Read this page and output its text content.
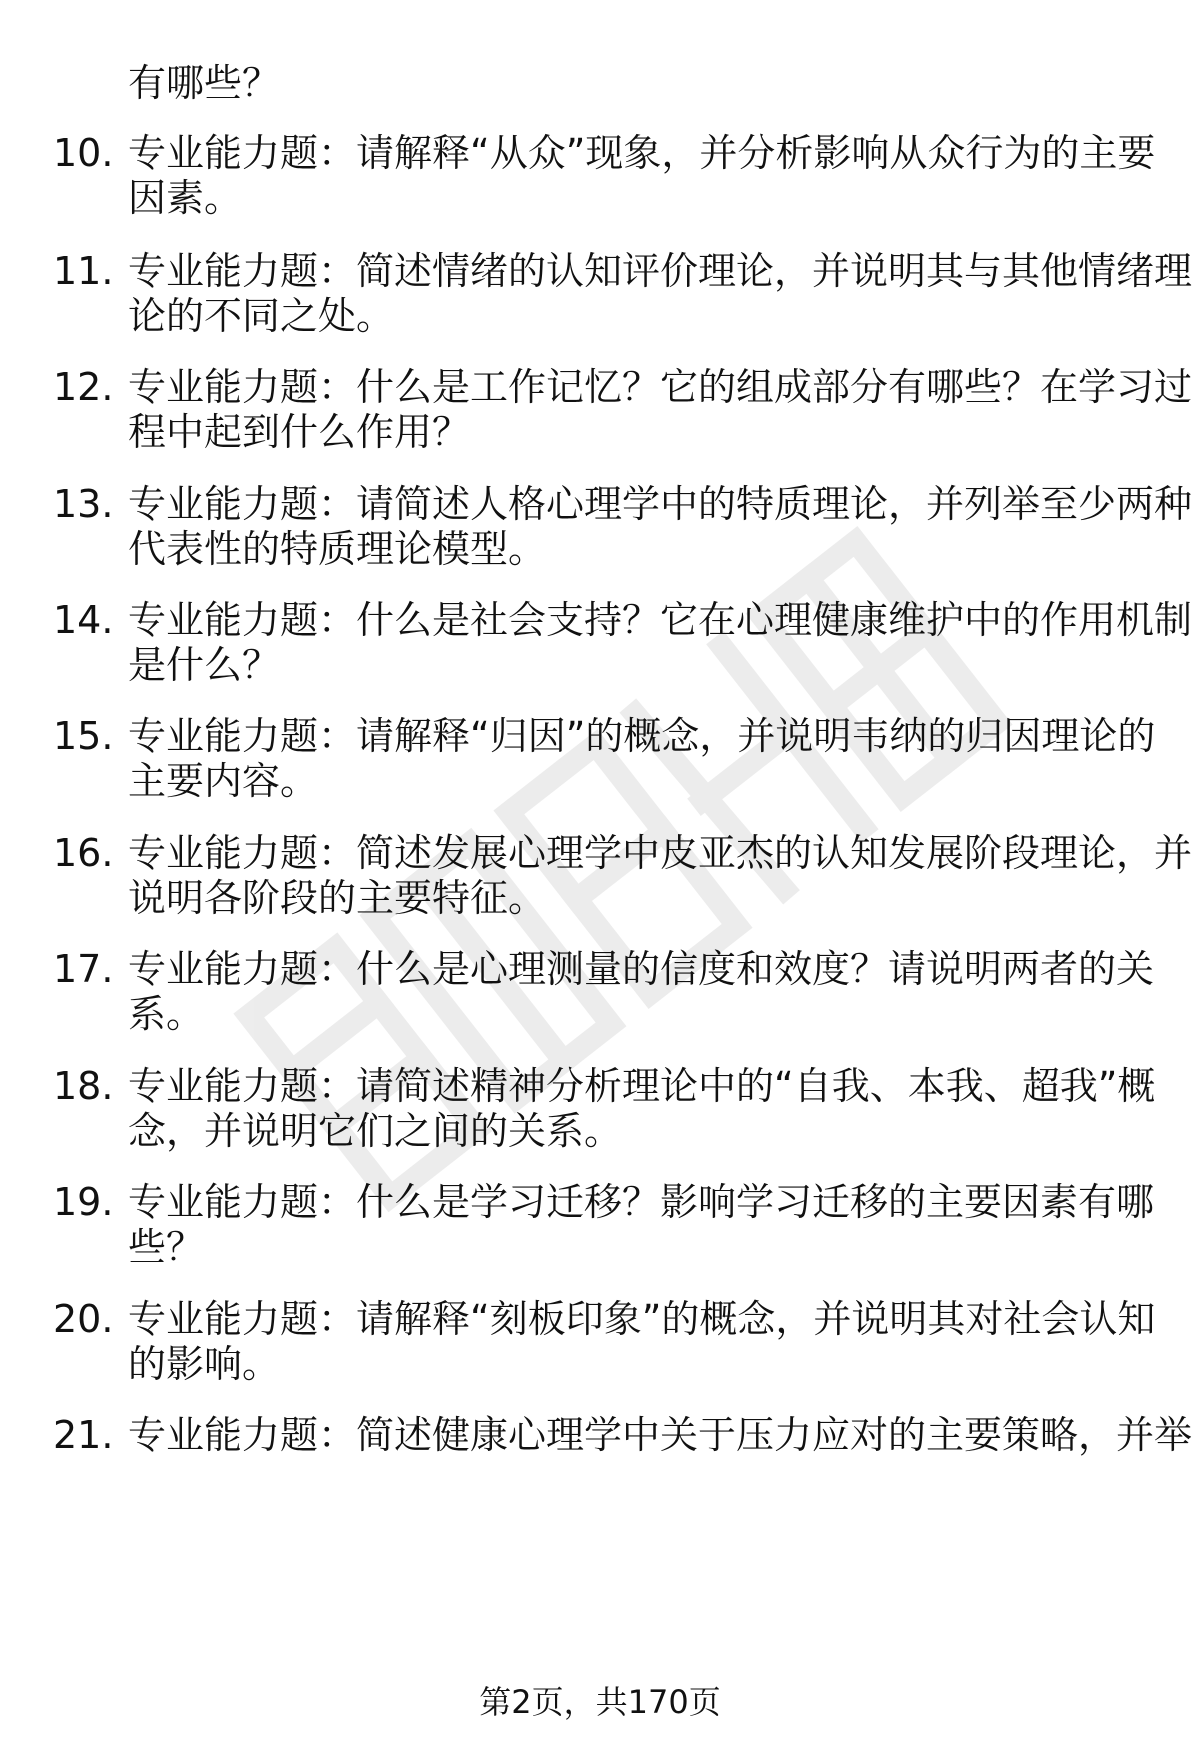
有哪些？
10. 专业能力题：请解释“从众”现象，并分析影响从众行为的主要
因素。
11. 专业能力题：简述情绪的认知评价理论，并说明其与其他情绪理
论的不同之处。
12. 专业能力题：什么是工作记忆？它的组成部分有哪些？在学习过
程中起到什么作用？
13. 专业能力题：请简述人格心理学中的特质理论，并列举至少两种
代表性的特质理论模型。
14. 专业能力题：什么是社会支持？它在心理健康维护中的作用机制
是什么？
15. 专业能力题：请解释“归因”的概念，并说明韦纳的归因理论的
主要内容。
16. 专业能力题：简述发展心理学中皮亚杰的认知发展阶段理论，并
说明各阶段的主要特征。
17. 专业能力题：什么是心理测量的信度和效度？请说明两者的关
系。
18. 专业能力题：请简述精神分析理论中的“自我、本我、超我”概
念，并说明它们之间的关系。
19. 专业能力题：什么是学习迁移？影响学习迁移的主要因素有哪
些？
20. 专业能力题：请解释“刻板印象”的概念，并说明其对社会认知
的影响。
21. 专业能力题：简述健康心理学中关于压力应对的主要策略，并举
第2页，共170页
